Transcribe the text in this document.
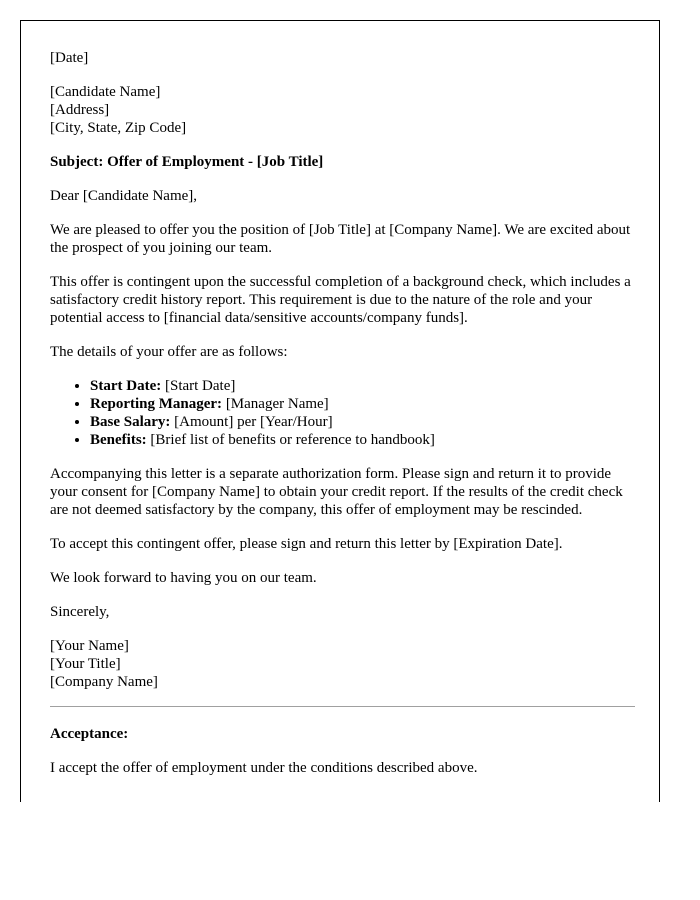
[Date]

[Candidate Name]
[Address]
[City, State, Zip Code]

Subject: Offer of Employment - [Job Title]

Dear [Candidate Name],

We are pleased to offer you the position of [Job Title] at [Company Name]. We are excited about the prospect of you joining our team.

This offer is contingent upon the successful completion of a background check, which includes a satisfactory credit history report. This requirement is due to the nature of the role and your potential access to [financial data/sensitive accounts/company funds].

The details of your offer are as follows:

• Start Date: [Start Date]
• Reporting Manager: [Manager Name]
• Base Salary: [Amount] per [Year/Hour]
• Benefits: [Brief list of benefits or reference to handbook]

Accompanying this letter is a separate authorization form. Please sign and return it to provide your consent for [Company Name] to obtain your credit report. If the results of the credit check are not deemed satisfactory by the company, this offer of employment may be rescinded.

To accept this contingent offer, please sign and return this letter by [Expiration Date].

We look forward to having you on our team.

Sincerely,

[Your Name]
[Your Title]
[Company Name]

Acceptance:

I accept the offer of employment under the conditions described above.
